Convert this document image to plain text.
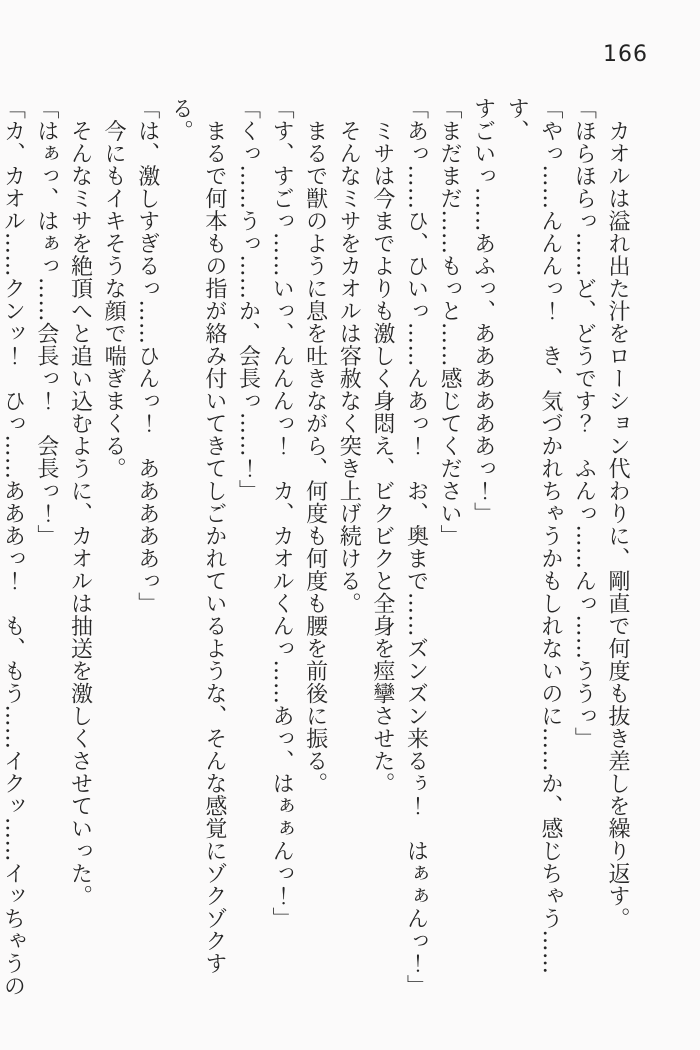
166

　カオルは溢れ出た汁をローション代わりに、剛直で何度も抜き差しを繰り返す。

「ほらほらっ……ど、どうです？　ふんっ……んっ……ううっ」

「やっ……んんんっ！　き、気づかれちゃうかもしれないのに……か、感じちゃう……す、

すごいっ……あふっ、ああああああっ！」

「まだまだ……もっと……感じてください」

「あっ……ひ、ひいっ……んあっ！　お、奥まで……ズンズン来るぅ！　はぁぁんっ！」

　ミサは今までよりも激しく身悶え、ビクビクと全身を痙攣させた。

　そんなミサをカオルは容赦なく突き上げ続ける。

　まるで獣のように息を吐きながら、何度も何度も腰を前後に振る。

「す、すごっ……いっ、んんんっ！　カ、カオルくんっ……あっ、はぁぁんっ！」

「くっ……うっ……か、会長っ……！」

　まるで何本もの指が絡み付いてきてしごかれているような、そんな感覚にゾクゾクする。

「は、激しすぎるっ……ひんっ！　あああああっ」

　今にもイキそうな顔で喘ぎまくる。

　そんなミサを絶頂へと追い込むように、カオルは抽送を激しくさせていった。

「はぁっ、はぁっ……会長っ！　会長っ！」

「カ、カオル……クンッ！　ひっ……あああっ！　も、もう……イクッ……イッちゃうの
